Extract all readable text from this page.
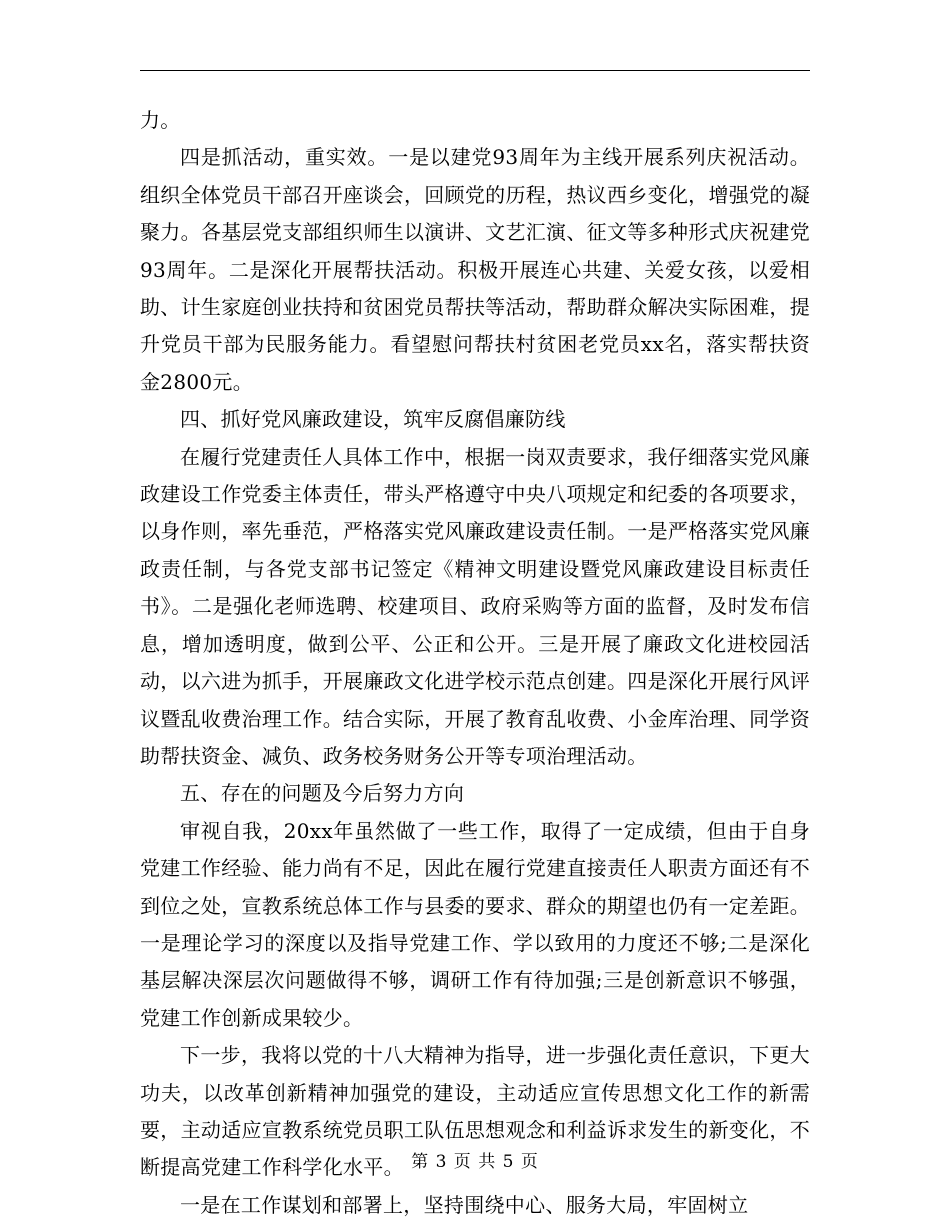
力。

四是抓活动，重实效。一是以建党93周年为主线开展系列庆祝活动。组织全体党员干部召开座谈会，回顾党的历程，热议西乡变化，增强党的凝聚力。各基层党支部组织师生以演讲、文艺汇演、征文等多种形式庆祝建党93周年。二是深化开展帮扶活动。积极开展连心共建、关爱女孩，以爱相助、计生家庭创业扶持和贫困党员帮扶等活动，帮助群众解决实际困难，提升党员干部为民服务能力。看望慰问帮扶村贫困老党员xx名，落实帮扶资金2800元。

四、抓好党风廉政建设，筑牢反腐倡廉防线

在履行党建责任人具体工作中，根据一岗双责要求，我仔细落实党风廉政建设工作党委主体责任，带头严格遵守中央八项规定和纪委的各项要求，以身作则，率先垂范，严格落实党风廉政建设责任制。一是严格落实党风廉政责任制，与各党支部书记签定《精神文明建设暨党风廉政建设目标责任书》。二是强化老师选聘、校建项目、政府采购等方面的监督，及时发布信息，增加透明度，做到公平、公正和公开。三是开展了廉政文化进校园活动，以六进为抓手，开展廉政文化进学校示范点创建。四是深化开展行风评议暨乱收费治理工作。结合实际，开展了教育乱收费、小金库治理、同学资助帮扶资金、减负、政务校务财务公开等专项治理活动。

五、存在的问题及今后努力方向

审视自我，20xx年虽然做了一些工作，取得了一定成绩，但由于自身党建工作经验、能力尚有不足，因此在履行党建直接责任人职责方面还有不到位之处，宣教系统总体工作与县委的要求、群众的期望也仍有一定差距。一是理论学习的深度以及指导党建工作、学以致用的力度还不够;二是深化基层解决深层次问题做得不够，调研工作有待加强;三是创新意识不够强，党建工作创新成果较少。

下一步，我将以党的十八大精神为指导，进一步强化责任意识，下更大功夫，以改革创新精神加强党的建设，主动适应宣传思想文化工作的新需要，主动适应宣教系统党员职工队伍思想观念和利益诉求发生的新变化，不断提高党建工作科学化水平。

一是在工作谋划和部署上，坚持围绕中心、服务大局，牢固树立

第 3 页 共 5 页
